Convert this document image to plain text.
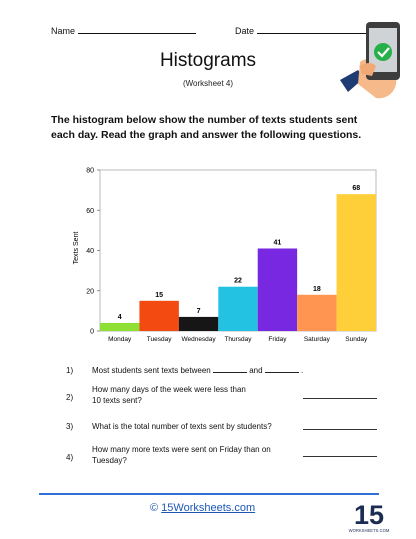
Name	Date
Histograms
(Worksheet 4)
The histogram below show the number of texts students sent each day. Read the graph and answer the following questions.
0
20
40
60
80
Texts Sent
4
Monday
15
Tuesday
7
Wednesday
22
Thursday
41
Friday
18
Saturday
68
Sunday
1) Most students sent texts between	and	.
2)
How many days of the week were less than 10 texts sent?
3) What is the total number of texts sent by students?
4)
How many more texts were sent on Friday than on Tuesday?
© 15Worksheets.com	15
WORKSHEETS.COM
